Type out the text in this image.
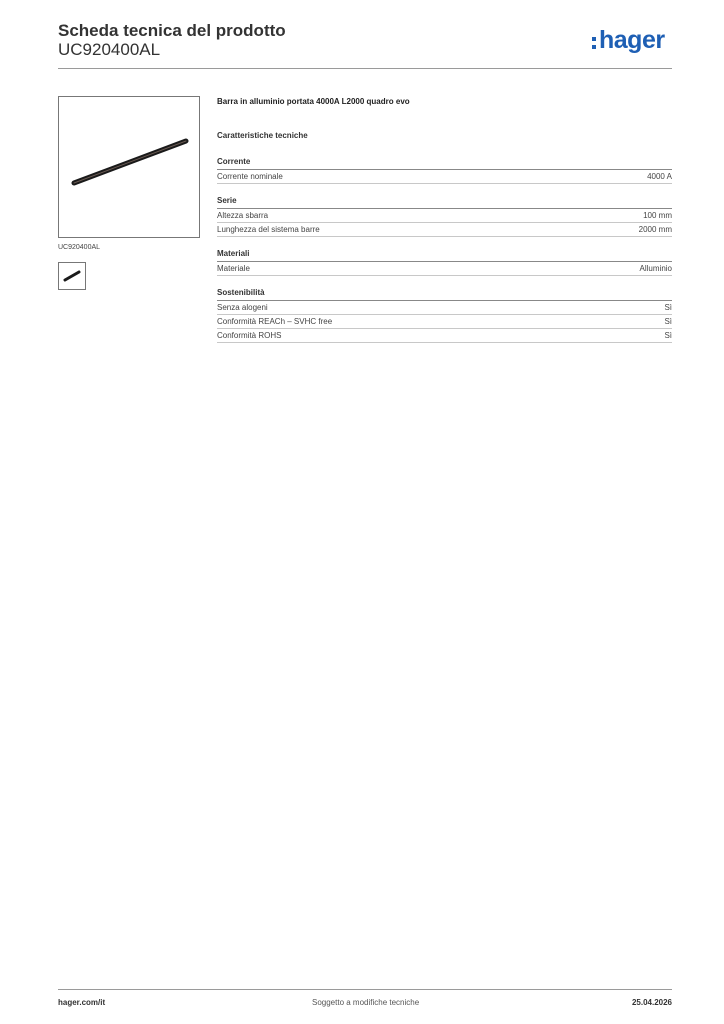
Scheda tecnica del prodotto
UC920400AL	hager
UC920400AL
Barra in alluminio portata 4000A L2000 quadro evo
Caratteristiche tecniche
Corrente
Corrente nominale	4000 A
Serie
Altezza sbarra	100 mm
Lunghezza del sistema barre	2000 mm
Materiali
Materiale	Alluminio
Sostenibilità
Senza alogeni	Sì
Conformità REACh – SVHC free	Sì
Conformità ROHS	Sì
hager.com/it	Soggetto a modifiche tecniche	25.04.2026
